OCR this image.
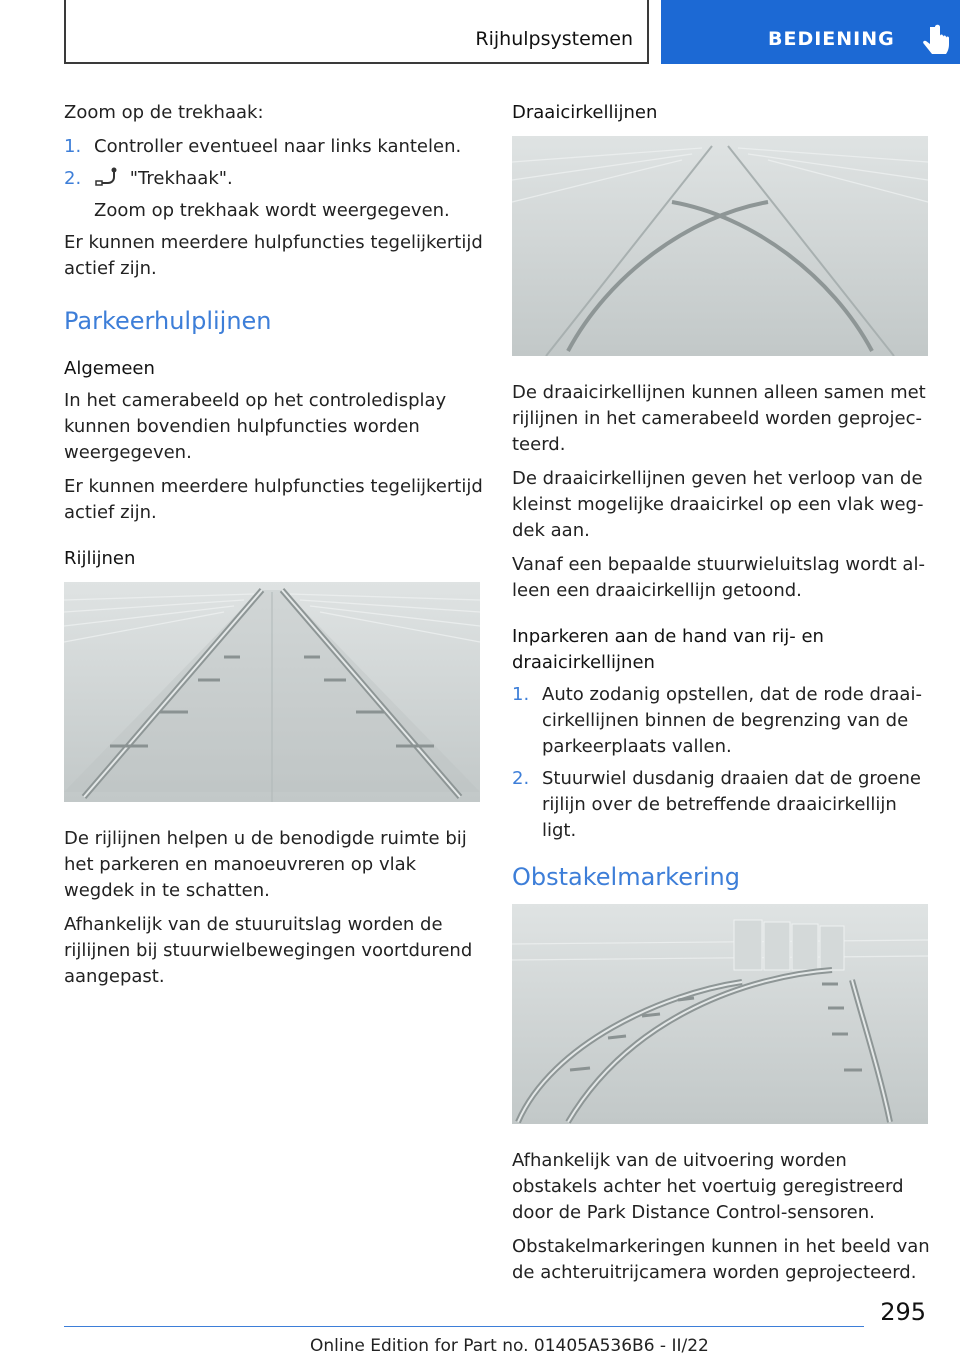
Rijhulpsystemen	BEDIENING

Zoom op de trekhaak:

1. Controller eventueel naar links kantelen.
2.	"Trekhaak".
Zoom op trekhaak wordt weergegeven.

Er kunnen meerdere hulpfuncties tegelijkertijd actief zijn.

Parkeerhulplijnen
Algemeen

In het camerabeeld op het controledisplay kunnen bovendien hulpfuncties worden weergegeven.

Er kunnen meerdere hulpfuncties tegelijkertijd actief zijn.

Rijlijnen

De rijlijnen helpen u de benodigde ruimte bij het parkeren en manoeuvreren op vlak wegdek in te schatten.

Afhankelijk van de stuuruitslag worden de rijlijnen bij stuurwielbewegingen voortdurend aangepast.

Draaicirkellijnen

De draaicirkellijnen kunnen alleen samen met rijlijnen in het camerabeeld worden geprojecteerd.

De draaicirkellijnen geven het verloop van de kleinst mogelijke draaicirkel op een vlak wegdek aan.

Vanaf een bepaalde stuurwieluitslag wordt alleen een draaicirkellijn getoond.

Inparkeren aan de hand van rij- en draaicirkellijnen
1. Auto zodanig opstellen, dat de rode draaicirkellijnen binnen de begrenzing van de parkeerplaats vallen.
2. Stuurwiel dusdanig draaien dat de groene rijlijn over de betreffende draaicirkellijn ligt.
Obstakelmarkering

Afhankelijk van de uitvoering worden obstakels achter het voertuig geregistreerd door de Park Distance Control-sensoren.

Obstakelmarkeringen kunnen in het beeld van de achteruitrijcamera worden geprojecteerd.

295
Online Edition for Part no. 01405A536B6 - II/22
